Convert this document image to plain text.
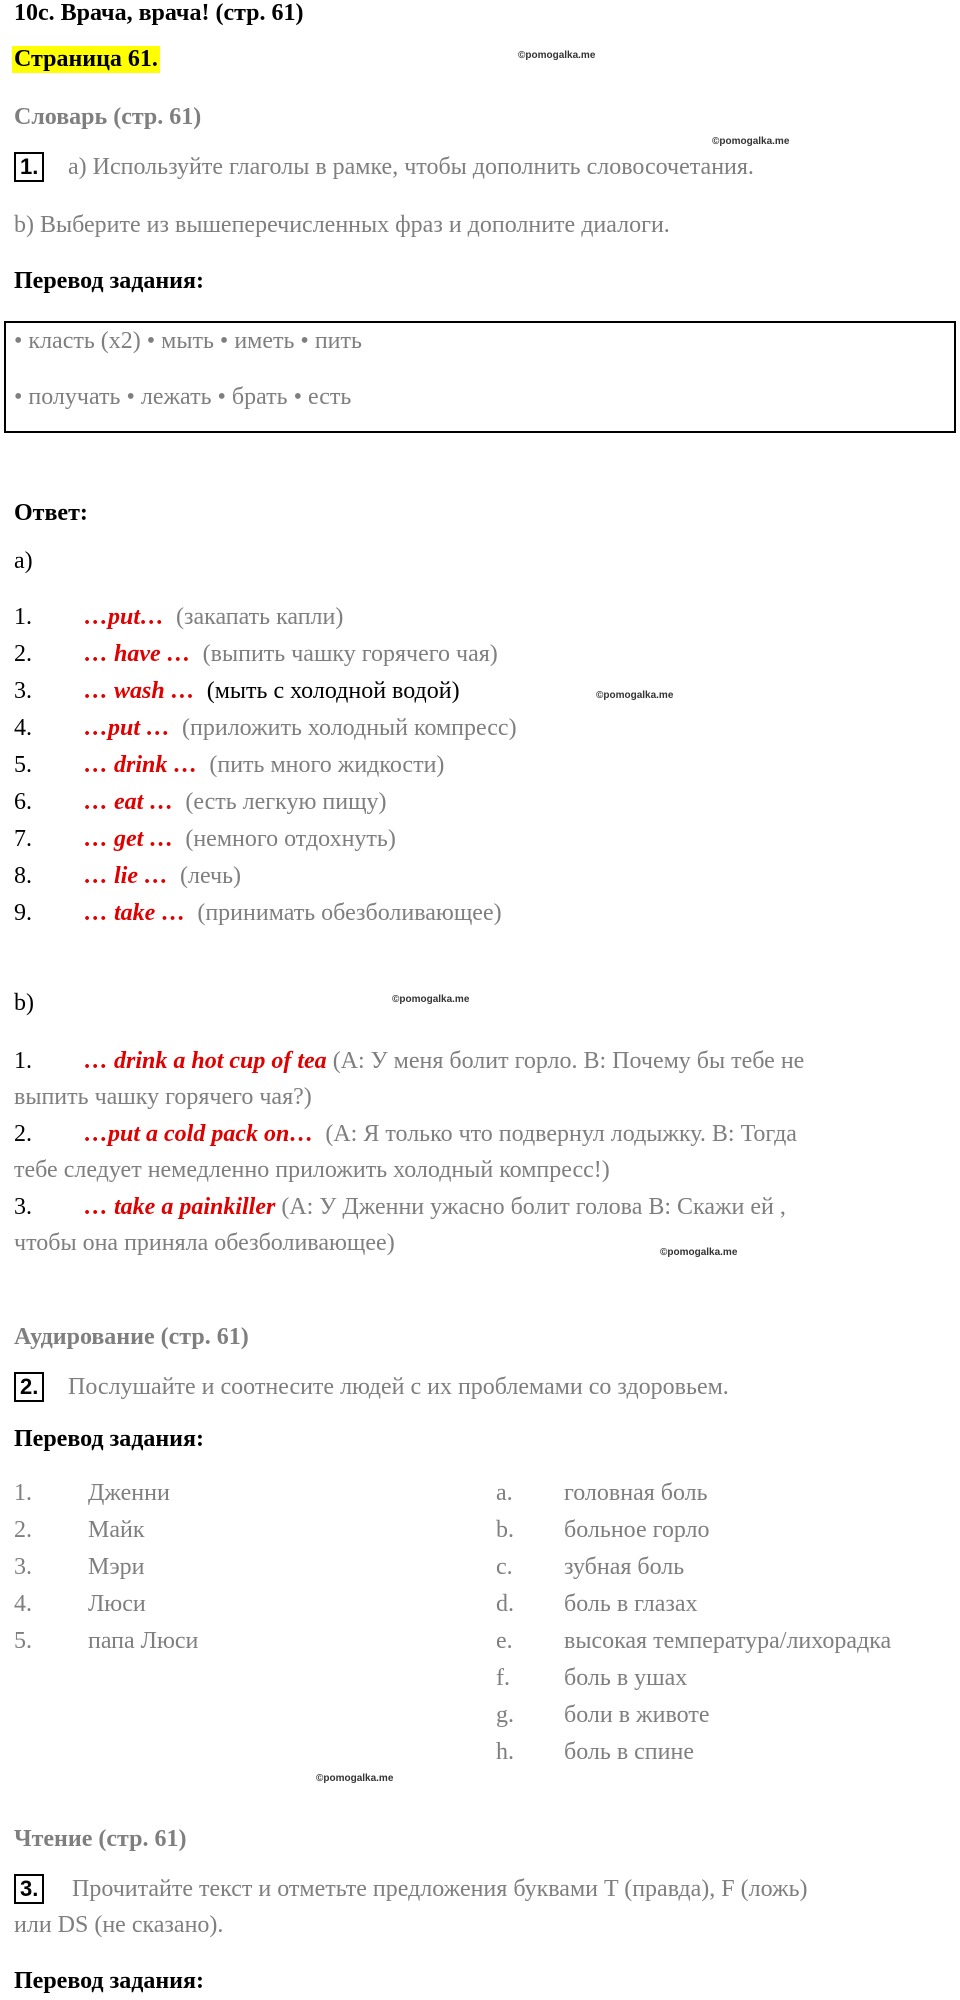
10c. Врача, врача! (стр. 61)
Страница 61.	©pomogalka.me
Словарь (стр. 61)
©pomogalka.me
1. a) Используйте глаголы в рамке, чтобы дополнить словосочетания.
b) Выберите из вышеперечисленных фраз и дополните диалоги.
Перевод задания:
• класть (х2) • мыть • иметь • пить
• получать • лежать • брать • есть
Ответ:
a)
1. …put… (закапать капли)
2. … have … (выпить чашку горячего чая)
3. … wash … (мыть с холодной водой)	©pomogalka.me
4. …put … (приложить холодный компресс)
5. … drink … (пить много жидкости)
6. … eat … (есть легкую пищу)
7. … get … (немного отдохнуть)
8. … lie … (лечь)
9. … take … (принимать обезболивающее)
b)	©pomogalka.me
1. … drink a hot cup of tea (A: У меня болит горло. B: Почему бы тебе не
выпить чашку горячего чая?)
2. …put a cold pack on… (A: Я только что подвернул лодыжку. B: Тогда
тебе следует немедленно приложить холодный компресс!)
3. … take a painkiller (A: У Дженни ужасно болит голова B: Скажи ей ,
чтобы она приняла обезболивающее)	©pomogalka.me
Аудирование (стр. 61)
2. Послушайте и соотнесите людей с их проблемами со здоровьем.
Перевод задания:
1. Дженни
2. Майк
3. Мэри
4. Люси
5. папа Люси
a. головная боль
b. больное горло
c. зубная боль
d. боль в глазах
e. высокая температура/лихорадка
f. боль в ушах
g. боли в животе
h. боль в спине
©pomogalka.me
Чтение (стр. 61)
3. Прочитайте текст и отметьте предложения буквами T (правда), F (ложь)
или DS (не сказано).
Перевод задания:
